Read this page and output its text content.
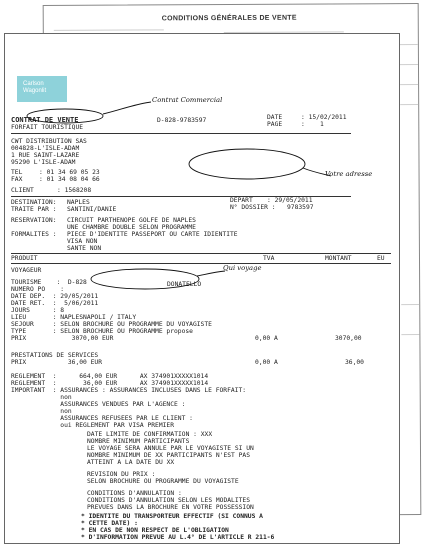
CONDITIONS GÉNÉRALES DE VENTE
Carlson
Wagonlit
CONTRAT DE VENTE	D-828-9783597	DATE	: 15/02/2011
PAGE	:    1
FORFAIT TOURISTIQUE
CWT DISTRIBUTION SAS
004828-L'ISLE-ADAM
1 RUE SAINT-LAZARE
95290 L'ISLE-ADAM
TEL	: 01 34 69 05 23
FAX	: 01 34 08 04 66
CLIENT	: 1568208
DESTINATION: NAPLES	DEPART : 29/05/2011
TRAITE PAR : SANTINI/DANIE	N° DOSSIER : 9783597
RESERVATION: CIRCUIT PARTHENOPE GOLFE DE NAPLES
UNE CHAMBRE DOUBLE SELON PROGRAMME
FORMALITES : PIECE D'IDENTITE PASSEPORT OU CARTE IDIENTITE
VISA NON
SANTE NON
PRODUIT	TVA	MONTANT	EU
VOYAGEUR
DONATELLO
TOURISME    :  D-828
NUMERO PO    :
DATE DEP.  : 29/05/2011
DATE RET.  :  5/06/2011
JOURS      : 8
LIEU       : NAPLESNAPOLI / ITALY
SEJOUR     : SELON BROCHURE OU PROGRAMME DU VOYAGISTE
TYPE       : SELON BROCHURE OU PROGRAMME propose
PRIX            3070,00 EUR	0,00 A	3070,00
PRESTATIONS DE SERVICES
PRIX           36,00 EUR	0,00 A	36,00
REGLEMENT  :      664,00 EUR      AX 374901XXXXX1014
REGLEMENT  :       36,00 EUR      AX 374901XXXXX1014
IMPORTANT  : ASSURANCES : ASSURANCES INCLUSES DANS LE FORFAIT:
non
ASSURANCES VENDUES PAR L'AGENCE :
non
ASSURANCES REFUSEES PAR LE CLIENT :
oui REGLEMENT PAR VISA PREMIER
DATE LIMITE DE CONFIRMATION : XXX
NOMBRE MINIMUM PARTICIPANTS
LE VOYAGE SERA ANNULE PAR LE VOYAGISTE SI UN
NOMBRE MINIMUM DE XX PARTICIPANTS N'EST PAS
ATTEINT A LA DATE DU XX
REVISION DU PRIX :
SELON BROCHURE OU PROGRAMME DU VOYAGISTE
CONDITIONS D'ANNULATION :
CONDITIONS D'ANNULATION SELON LES MODALITES
PREVUES DANS LA BROCHURE EN VOTRE POSSESSION
* IDENTITE DU TRANSPORTEUR EFFECTIF (SI CONNUS A
* CETTE DATE) :
* EN CAS DE NON RESPECT DE L'OBLIGATION
* D'INFORMATION PREVUE AU L.4° DE L'ARTICLE R 211-6
Contrat Commercial
Votre adresse
Qui voyage
